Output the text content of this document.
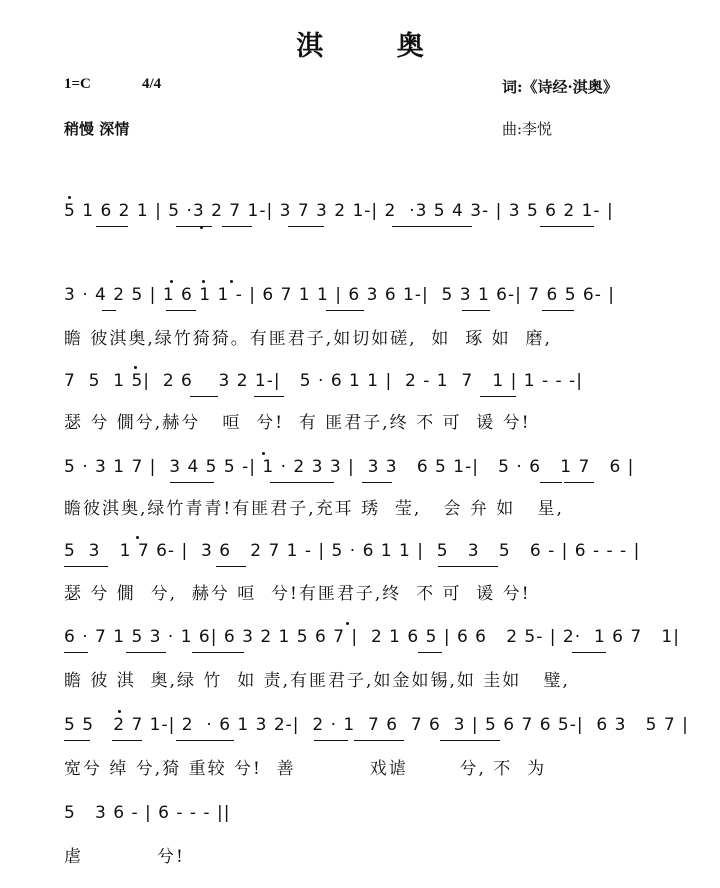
淇 奥
1=C	4/4	词:《诗经·淇奥》
稍慢 深情	曲:李悦
5 1 6 2 1 | 5 ·3 2 7 1-| 3 7 3 2 1-| 2  ·3 5 4 3- | 3 5 6 2 1- |
3 · 4 2 5 | 1 6 1 1 - | 6 7 1 1 | 6 3 6 1-|  5 3 1 6-| 7 6 5 6- |
瞻 彼淇奥,绿竹猗猗。有匪君子,如切如磋,  如  琢 如  磨,
7  5  1 5|  2 6    3 2 1-|   5 · 6 1 1 |  2 - 1  7   1 | 1 - - -|
瑟 兮 僩兮,赫兮   咺  兮!  有 匪君子,终 不 可  谖 兮!
5 · 3 1 7 |  3 4 5 5 -| 1 · 2 3 3 |  3 3   6 5 1-|   5 · 6   1 7   6 |
瞻彼淇奥,绿竹青青!有匪君子,充耳 琇  莹,   会 弁 如   星,
5  3   1 7 6- |  3 6   2 7 1 - | 5 · 6 1 1 |  5   3   5   6 - | 6 - - - |
瑟 兮 僩  兮,  赫兮 咺  兮!有匪君子,终  不 可  谖 兮!
6 · 7 1 5 3 · 1 6| 6 3 2 1 5 6 7 |  2 1 6 5 | 6 6   2 5- | 2·  1 6 7   1|
瞻 彼 淇  奥,绿 竹  如 责,有匪君子,如金如锡,如 圭如   璧,
5 5   2 7 1-| 2  · 6 1 3 2-|  2 · 1  7 6  7 6  3 | 5 6 7 6 5-|  6 3   5 7 |
宽兮 绰 兮,猗 重较 兮!  善          戏谑       兮, 不  为
5   3 6 - | 6 - - - ||
虐          兮!
